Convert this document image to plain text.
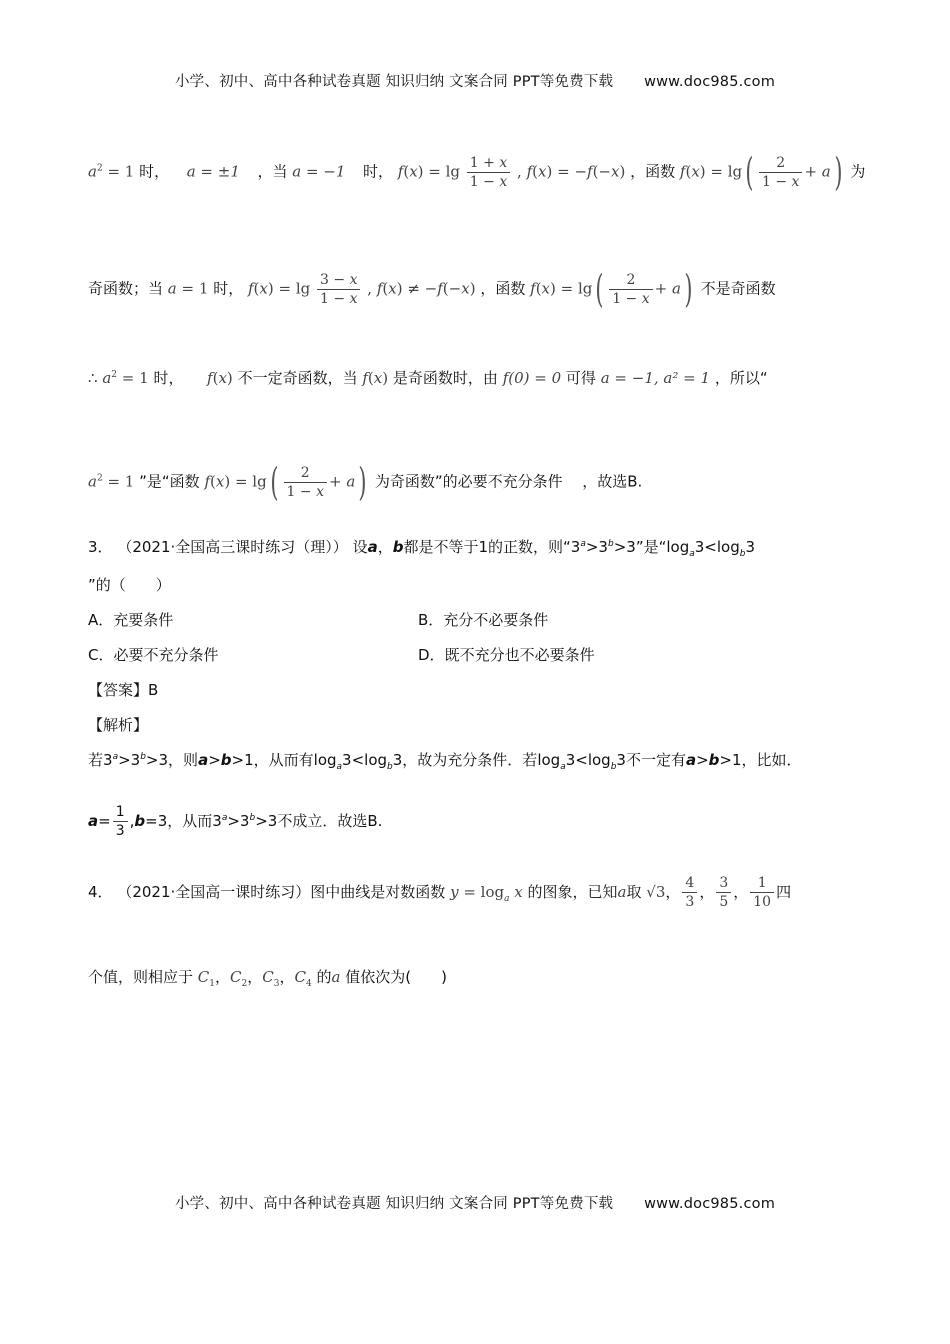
小学、初中、高中各种试卷真题 知识归纳 文案合同 PPT等免费下载 www.doc985.com
$a^2 = 1$ 时， a = ±1 ，当 a = −1 时， $f(x) = \lg \frac{1 + x}{1 - x}$ , f(x) = −f(−x) ，函数 $f(x) = \lg( \frac{2}{1 - x} + a)$ 为
奇函数；当 a = 1 时， $f(x) = \lg \frac{3 - x}{1 - x}$ , f(x) ≠ −f(−x) ，函数 $f(x) = \lg( \frac{2}{1 - x} + a)$ 不是奇函数
∴ $a^2 = 1$ 时， f(x) 不一定奇函数，当 f(x) 是奇函数时，由 f(0) = 0 可得 a = −1, a² = 1 ，所以“
$a^2 = 1$ ”是“函数 $f(x) = \lg( \frac{2}{1 - x} + a)$ 为奇函数”的必要不充分条件 ，故选B.
3． （2021·全国高三课时练习（理）） 设a，b都是不等于1的正数，则“$3^a>3^b>3$”是“$\log_a3<\log_b3$
”的（　　）
A．充要条件	B．充分不必要条件
C．必要不充分条件	D．既不充分也不必要条件
【答案】B
【解析】
若$3^a>3^b>3$，则a>b>1，从而有$\log_a3<\log_b3$，故为充分条件．若$\log_a3<\log_b3$不一定有a>b>1，比如．
$a= \frac{1}{3} ,b=3$，从而$3^a>3^b>3$不成立．故选B.
4． （2021·全国高一课时练习）图中曲线是对数函数 $y = \log_a x$ 的图象，已知a取 √3， $\frac{4}{3}$ ， $\frac{3}{5}$ ， $\frac{1}{10}$ 四
个值，则相应于 $C_1$，$C_2$，$C_3$，$C_4$ 的a 值依次为(　　)
小学、初中、高中各种试卷真题 知识归纳 文案合同 PPT等免费下载 www.doc985.com
